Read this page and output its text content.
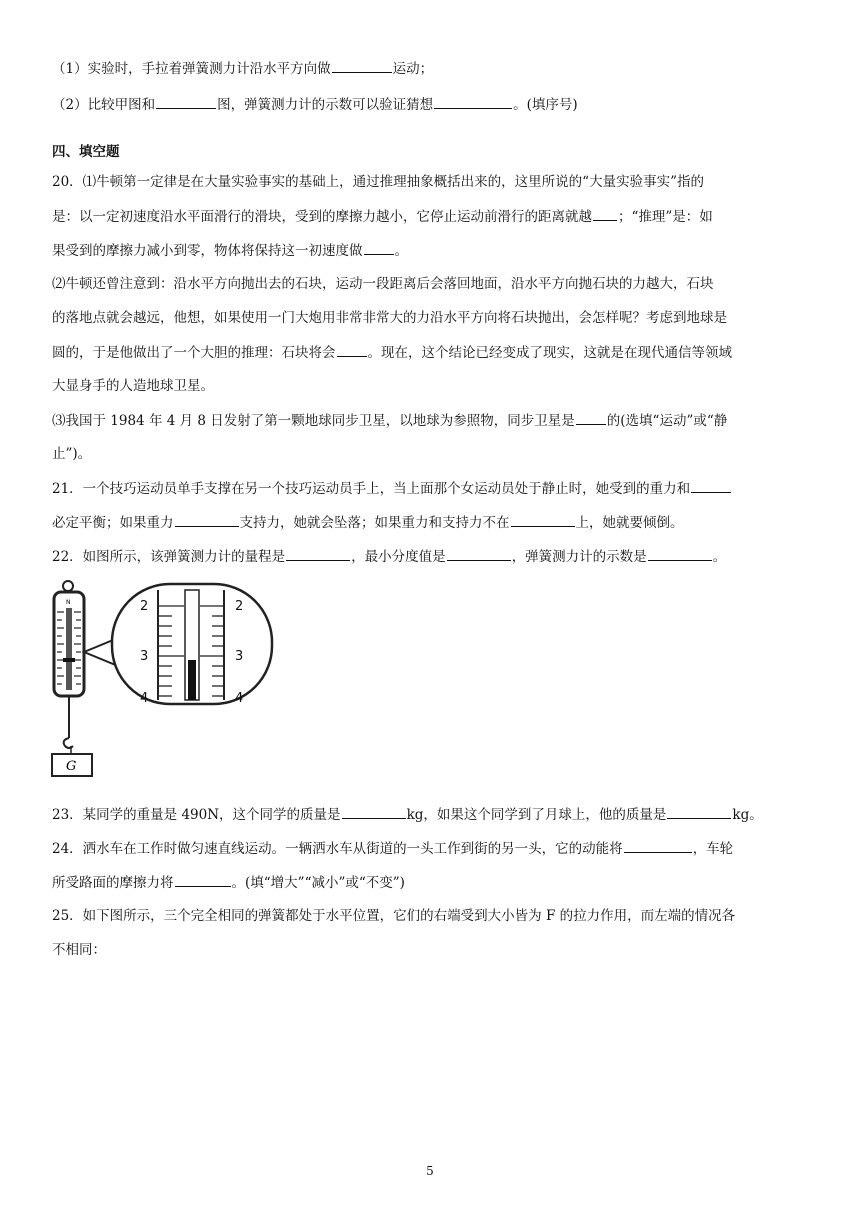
（1）实验时，手拉着弹簧测力计沿水平方向做	运动；
（2）比较甲图和	图，弹簧测力计的示数可以验证猜想	。(填序号)
四、填空题
20．⑴牛顿第一定律是在大量实验事实的基础上，通过推理抽象概括出来的，这里所说的“大量实验事实”指的
是：以一定初速度沿水平面滑行的滑块，受到的摩擦力越小，它停止运动前滑行的距离就越 ；“推理”是：如
果受到的摩擦力减小到零，物体将保持这一初速度做 。
⑵牛顿还曾注意到：沿水平方向抛出去的石块，运动一段距离后会落回地面，沿水平方向抛石块的力越大，石块
的落地点就会越远，他想，如果使用一门大炮用非常非常大的力沿水平方向将石块抛出，会怎样呢？考虑到地球是
圆的，于是他做出了一个大胆的推理：石块将会 。现在，这个结论已经变成了现实，这就是在现代通信等领域
大显身手的人造地球卫星。
⑶我国于 1984 年 4 月 8 日发射了第一颗地球同步卫星，以地球为参照物，同步卫星是 的(选填“运动”或“静
止”)。
21．一个技巧运动员单手支撑在另一个技巧运动员手上，当上面那个女运动员处于静止时，她受到的重力和
必定平衡；如果重力	支持力，她就会坠落；如果重力和支持力不在	上，她就要倾倒。
22．如图所示，该弹簧测力计的量程是	，最小分度值是	，弹簧测力计的示数是	。
N
G
2
3
4
2
3
4
23．某同学的重量是 490N，这个同学的质量是	kg，如果这个同学到了月球上，他的质量是	kg。
24．洒水车在工作时做匀速直线运动。一辆洒水车从街道的一头工作到街的另一头，它的动能将	，车轮
所受路面的摩擦力将	。(填“增大”“减小”或“不变”)
25．如下图所示，三个完全相同的弹簧都处于水平位置，它们的右端受到大小皆为 F 的拉力作用，而左端的情况各
不相同：
5
